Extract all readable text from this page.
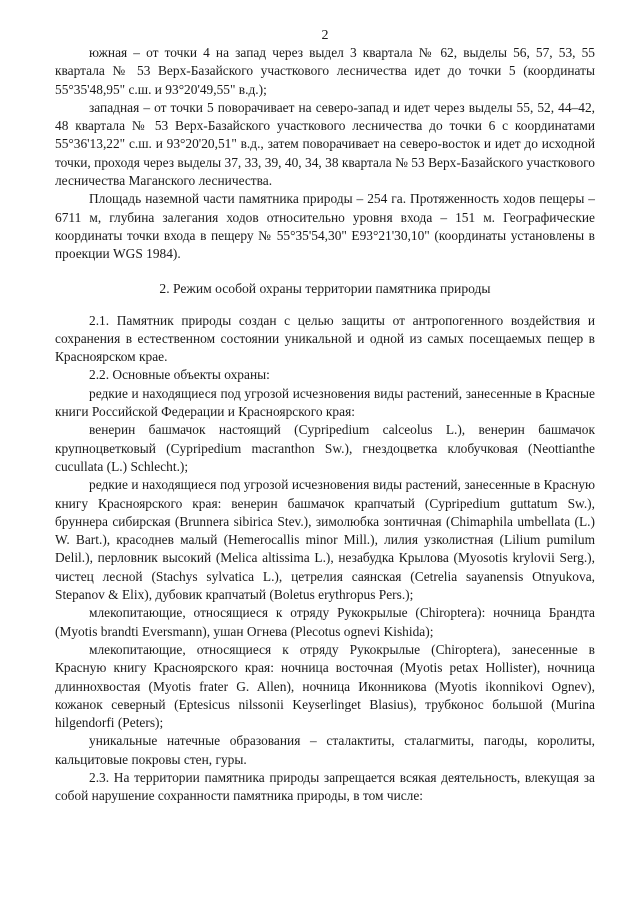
2

южная – от точки 4 на запад через выдел 3 квартала № 62, выделы 56, 57, 53, 55 квартала № 53 Верх-Базайского участкового лесничества идет до точки 5 (координаты 55°35'48,95" с.ш. и 93°20'49,55" в.д.);

западная – от точки 5 поворачивает на северо-запад и идет через выделы 55, 52, 44–42, 48 квартала № 53 Верх-Базайского участкового лесничества до точки 6 с координатами 55°36'13,22" с.ш. и 93°20'20,51" в.д., затем поворачивает на северо-восток и идет до исходной точки, проходя через выделы 37, 33, 39, 40, 34, 38 квартала № 53 Верх-Базайского участкового лесничества Маганского лесничества.

Площадь наземной части памятника природы – 254 га. Протяженность ходов пещеры – 6711 м, глубина залегания ходов относительно уровня входа – 151 м. Географические координаты точки входа в пещеру № 55°35'54,30" Е93°21'30,10" (координаты установлены в проекции WGS 1984).

2. Режим особой охраны территории памятника природы

2.1. Памятник природы создан с целью защиты от антропогенного воздействия и сохранения в естественном состоянии уникальной и одной из самых посещаемых пещер в Красноярском крае.

2.2. Основные объекты охраны:

редкие и находящиеся под угрозой исчезновения виды растений, занесенные в Красные книги Российской Федерации и Красноярского края:

венерин башмачок настоящий (Cypripedium calceolus L.), венерин башмачок крупноцветковый (Cypripedium macranthon Sw.), гнездоцветка клобучковая (Neottianthe cucullata (L.) Schlecht.);

редкие и находящиеся под угрозой исчезновения виды растений, занесенные в Красную книгу Красноярского края: венерин башмачок крапчатый (Cypripedium guttatum Sw.), бруннера сибирская (Brunnera sibirica Stev.), зимолюбка зонтичная (Chimaphila umbellata (L.) W. Bart.), красоднев малый (Hemerocallis minor Mill.), лилия узколистная (Lilium pumilum Delil.), перловник высокий (Melica altissima L.), незабудка Крылова (Myosotis krylovii Serg.), чистец лесной (Stachys sylvatica L.), цетрелия саянская (Cetrelia sayanensis Otnyukova, Stepanov & Elix), дубовик крапчатый (Boletus erythropus Pers.);

млекопитающие, относящиеся к отряду Рукокрылые (Chiroptera): ночница Брандта (Myotis brandti Eversmann), ушан Огнева (Plecotus ognevi Kishida);

млекопитающие, относящиеся к отряду Рукокрылые (Chiroptera), занесенные в Красную книгу Красноярского края: ночница восточная (Myotis petax Hollister), ночница длиннохвостая (Myotis frater G. Allen), ночница Иконникова (Myotis ikonnikovi Ognev), кожанок северный (Eptesicus nilssonii Keyserlinget Blasius), трубконос большой (Murina hilgendorfi (Peters);

уникальные натечные образования – сталактиты, сталагмиты, пагоды, королиты, кальцитовые покровы стен, гуры.

2.3. На территории памятника природы запрещается всякая деятельность, влекущая за собой нарушение сохранности памятника природы, в том числе:
